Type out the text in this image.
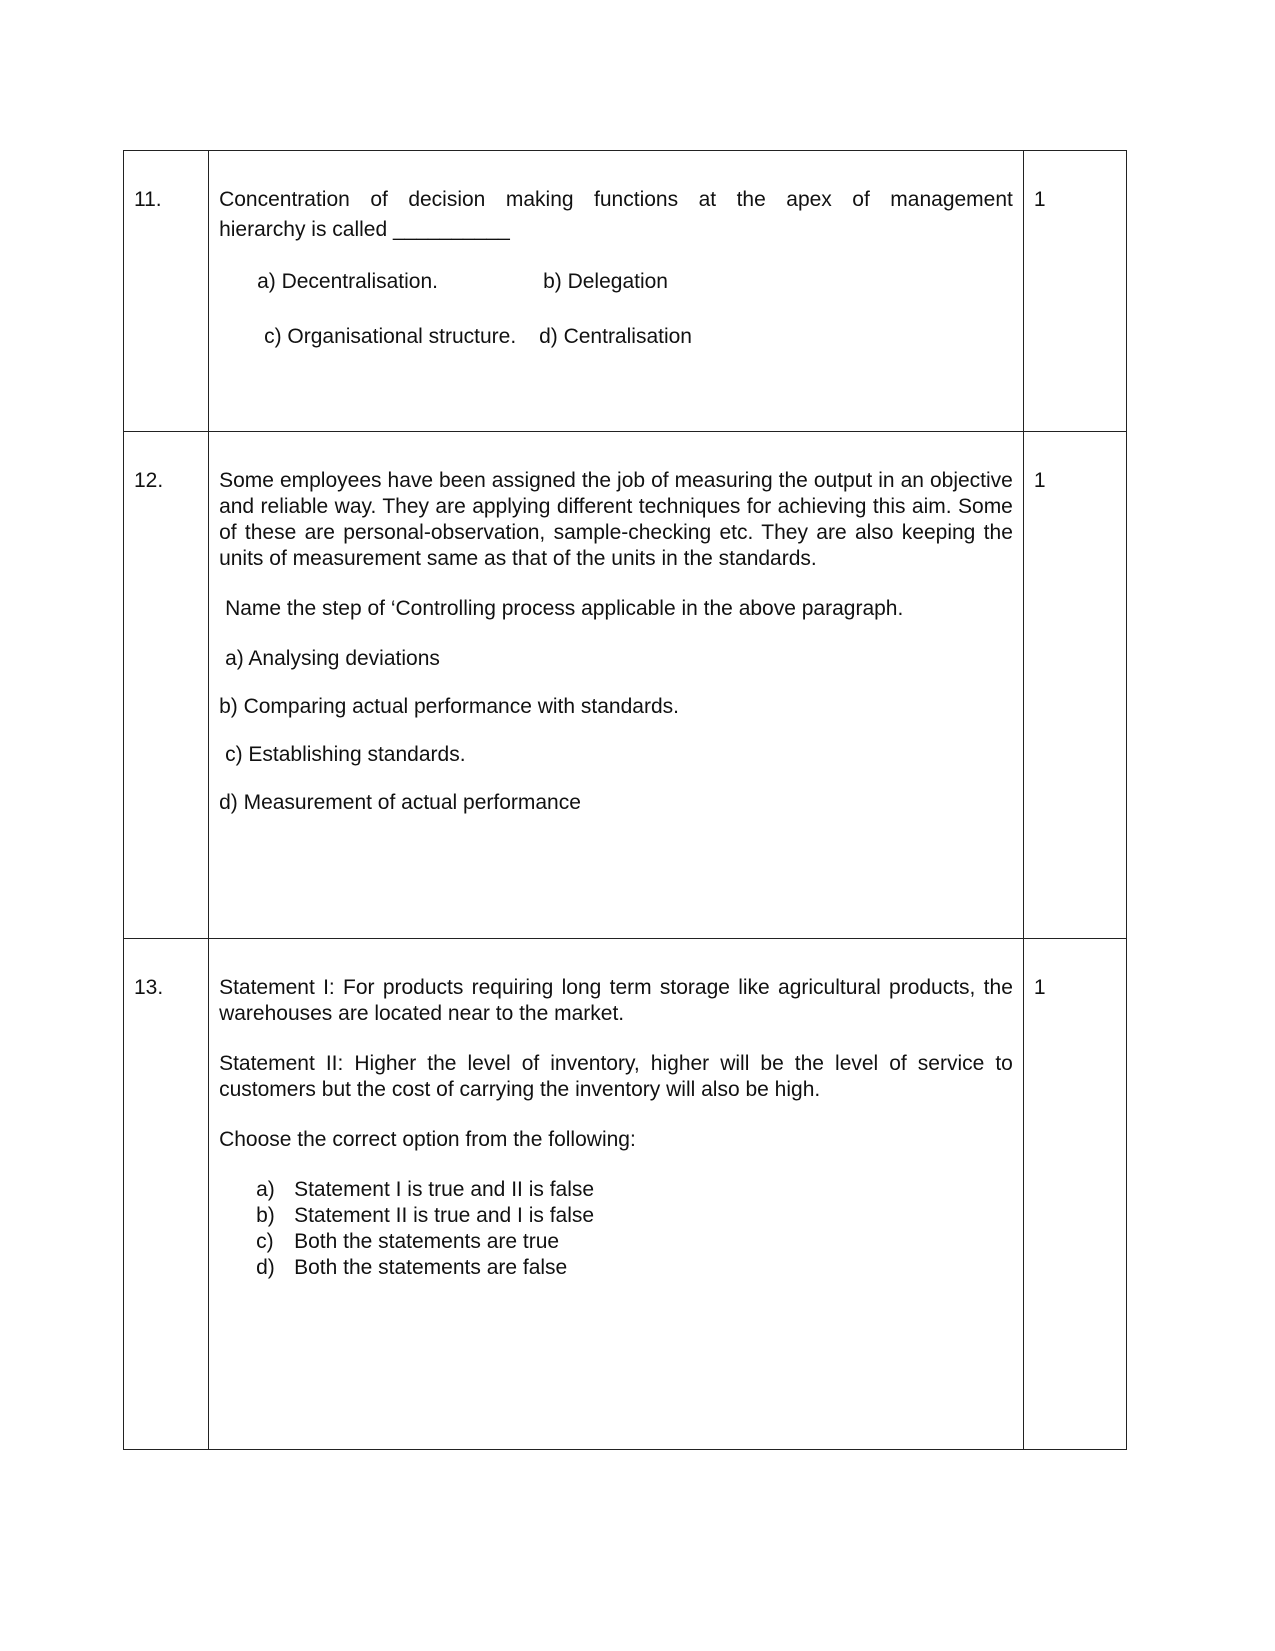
11.	Concentration of decision making functions at the apex of management

hierarchy is called __________

a) Decentralisation.	b) Delegation
c) Organisational structure.	d) Centralisation
	1
12.	Some employees have been assigned the job of measuring the output in an objective and reliable way. They are applying different techniques for achieving this aim. Some of these are personal-observation, sample-checking etc. They are also keeping the units of measurement same as that of the units in the standards.

Name the step of ‘Controlling process applicable in the above paragraph.

a) Analysing deviations

b) Comparing actual performance with standards.

c) Establishing standards.

d) Measurement of actual performance

	1
13.	Statement I: For products requiring long term storage like agricultural products, the warehouses are located near to the market.

Statement II: Higher the level of inventory, higher will be the level of service to customers but the cost of carrying the inventory will also be high.

Choose the correct option from the following:

a) Statement I is true and II is false
b) Statement II is true and I is false
c) Both the statements are true
d) Both the statements are false
	1
